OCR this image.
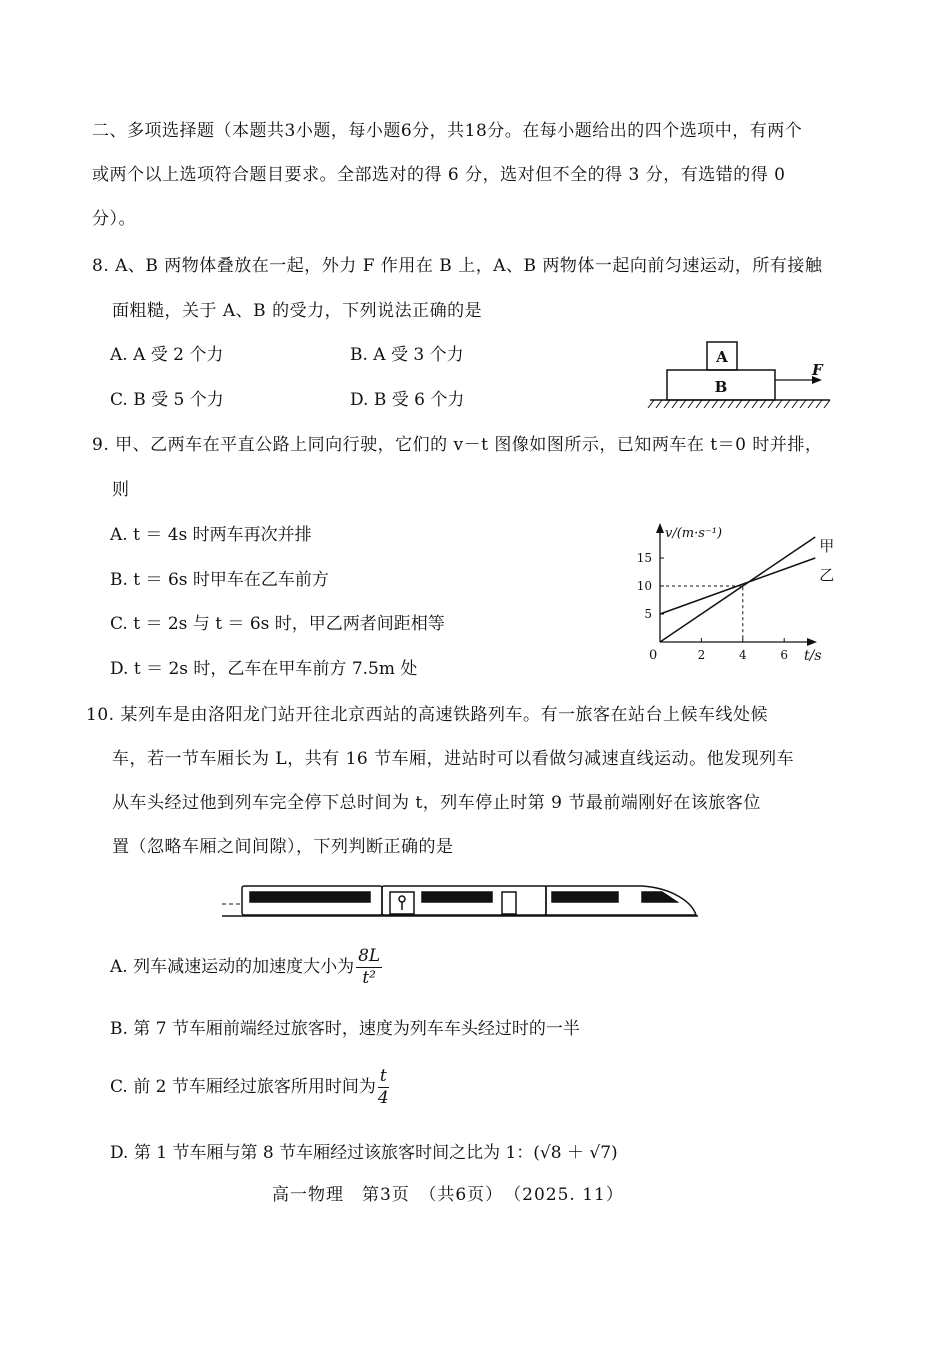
二、多项选择题（本题共3小题，每小题6分，共18分。在每小题给出的四个选项中，有两个
或两个以上选项符合题目要求。全部选对的得 6 分，选对但不全的得 3 分，有选错的得 0
分）。
8. A、B 两物体叠放在一起，外力 F 作用在 B 上，A、B 两物体一起向前匀速运动，所有接触
面粗糙，关于 A、B 的受力，下列说法正确的是
A. A 受 2 个力	B. A 受 3 个力
C. B 受 5 个力	D. B 受 6 个力
A
B
F
9. 甲、乙两车在平直公路上同向行驶，它们的 v－t 图像如图所示，已知两车在 t＝0 时并排，
则
A. t ＝ 4s 时两车再次并排
B. t ＝ 6s 时甲车在乙车前方
C. t ＝ 2s 与 t ＝ 6s 时，甲乙两者间距相等
D. t ＝ 2s 时，乙车在甲车前方 7.5m 处
v/(m·s⁻¹)
t/s
0	2	4	6
5
10
15
甲
乙
10. 某列车是由洛阳龙门站开往北京西站的高速铁路列车。有一旅客在站台上候车线处候
车，若一节车厢长为 L，共有 16 节车厢，进站时可以看做匀减速直线运动。他发现列车
从车头经过他到列车完全停下总时间为 t，列车停止时第 9 节最前端刚好在该旅客位
置（忽略车厢之间间隙），下列判断正确的是
A. 列车减速运动的加速度大小为 $\frac{8L}{\text{t²}}$
B. 第 7 节车厢前端经过旅客时，速度为列车车头经过时的一半
C. 前 2 节车厢经过旅客所用时间为 $\frac{t}{4}$
D. 第 1 节车厢与第 8 节车厢经过该旅客时间之比为 1：(√8 ＋ √7)
高一物理　第3页　（共6页）　（2025. 11）
